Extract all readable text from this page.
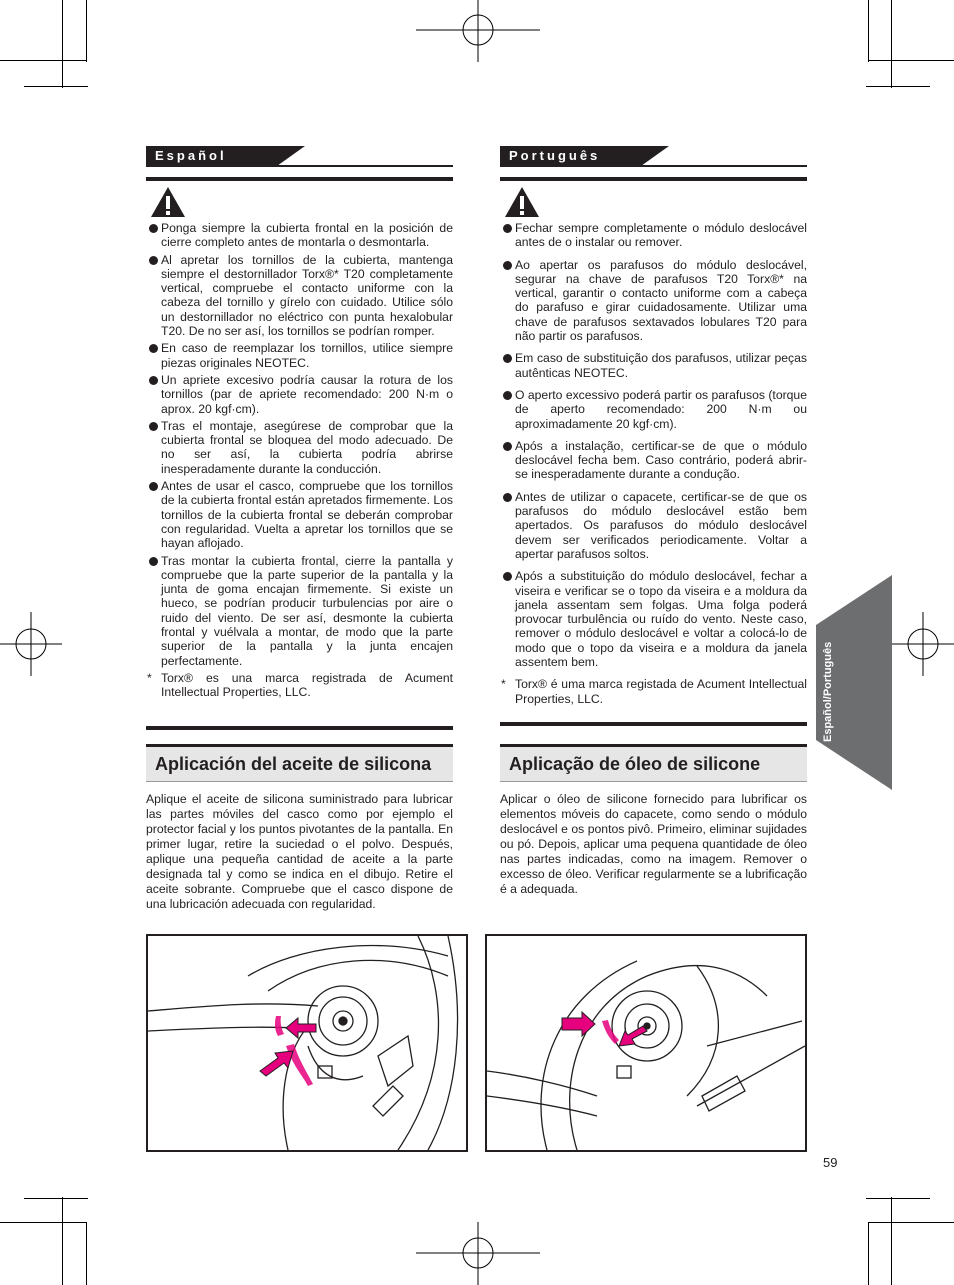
Español
Ponga siempre la cubierta frontal en la posición de cierre completo antes de montarla o desmontarla.
Al apretar los tornillos de la cubierta, mantenga siempre el destornillador Torx®* T20 completamente vertical, compruebe el contacto uniforme con la cabeza del tornillo y gírelo con cuidado. Utilice sólo un destornillador no eléctrico con punta hexalobular T20. De no ser así, los tornillos se podrían romper.
En caso de reemplazar los tornillos, utilice siempre piezas originales NEOTEC.
Un apriete excesivo podría causar la rotura de los tornillos (par de apriete recomendado: 200 N·m o aprox. 20 kgf·cm).
Tras el montaje, asegúrese de comprobar que la cubierta frontal se bloquea del modo adecuado. De no ser así, la cubierta podría abrirse inesperadamente durante la conducción.
Antes de usar el casco, compruebe que los tornillos de la cubierta frontal están apretados firmemente. Los tornillos de la cubierta frontal se deberán comprobar con regularidad. Vuelta a apretar los tornillos que se hayan aflojado.
Tras montar la cubierta frontal, cierre la pantalla y compruebe que la parte superior de la pantalla y la junta de goma encajan firmemente. Si existe un hueco, se podrían producir turbulencias por aire o ruido del viento. De ser así, desmonte la cubierta frontal y vuélvala a montar, de modo que la parte superior de la pantalla y la junta encajen perfectamente.
* Torx® es una marca registrada de Acument Intellectual Properties, LLC.
Aplicación del aceite de silicona
Aplique el aceite de silicona suministrado para lubricar las partes móviles del casco como por ejemplo el protector facial y los puntos pivotantes de la pantalla. En primer lugar, retire la suciedad o el polvo. Después, aplique una pequeña cantidad de aceite a la parte designada tal y como se indica en el dibujo. Retire el aceite sobrante. Compruebe que el casco dispone de una lubricación adecuada con regularidad.
Português
Fechar sempre completamente o módulo deslocável antes de o instalar ou remover.
Ao apertar os parafusos do módulo deslocável, segurar na chave de parafusos T20 Torx®* na vertical, garantir o contacto uniforme com a cabeça do parafuso e girar cuidadosamente. Utilizar uma chave de parafusos sextavados lobulares T20 para não partir os parafusos.
Em caso de substituição dos parafusos, utilizar peças autênticas NEOTEC.
O aperto excessivo poderá partir os parafusos (torque de aperto recomendado: 200 N·m ou aproximadamente 20 kgf·cm).
Após a instalação, certificar-se de que o módulo deslocável fecha bem. Caso contrário, poderá abrir-se inesperadamente durante a condução.
Antes de utilizar o capacete, certificar-se de que os parafusos do módulo deslocável estão bem apertados. Os parafusos do módulo deslocável devem ser verificados periodicamente. Voltar a apertar parafusos soltos.
Após a substituição do módulo deslocável, fechar a viseira e verificar se o topo da viseira e a moldura da janela assentam sem folgas. Uma folga poderá provocar turbulência ou ruído do vento. Neste caso, remover o módulo deslocável e voltar a colocá-lo de modo que o topo da viseira e a moldura da janela assentem bem.
* Torx® é uma marca registada de Acument Intellectual Properties, LLC.
Aplicação de óleo de silicone
Aplicar o óleo de silicone fornecido para lubrificar os elementos móveis do capacete, como sendo o módulo deslocável e os pontos pivô. Primeiro, eliminar sujidades ou pó. Depois, aplicar uma pequena quantidade de óleo nas partes indicadas, como na imagem. Remover o excesso de óleo. Verificar regularmente se a lubrificação é a adequada.
Español/Português
59
